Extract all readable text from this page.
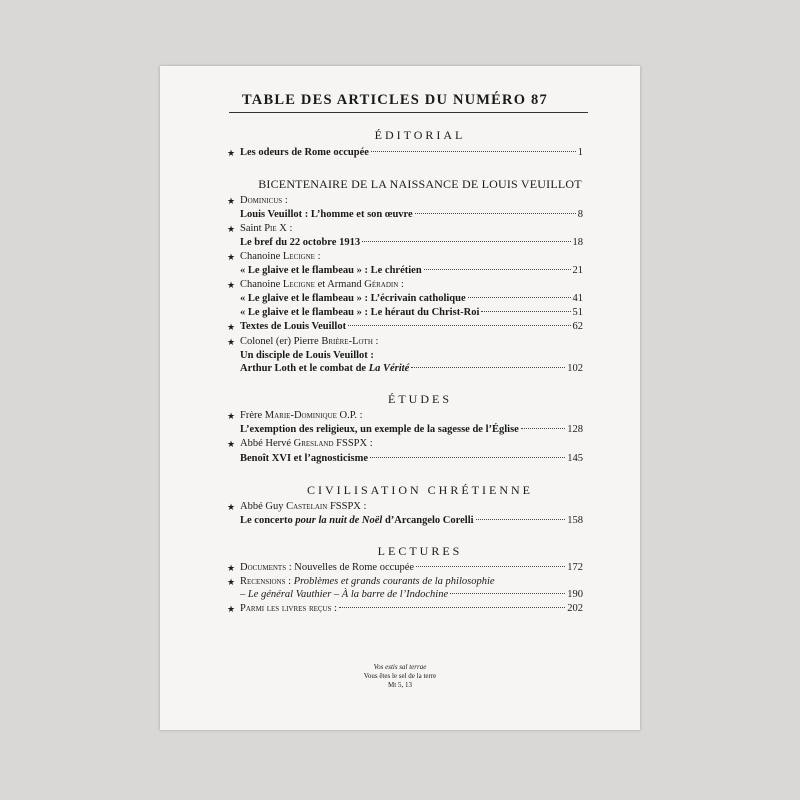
TABLE DES ARTICLES DU NUMÉRO 87
ÉDITORIAL
★ Les odeurs de Rome occupée	1
BICENTENAIRE DE LA NAISSANCE DE LOUIS VEUILLOT
★ Dominicus :
Louis Veuillot : L’homme et son œuvre	8
★ Saint Pie X :
Le bref du 22 octobre 1913	18
★ Chanoine Lecigne :
« Le glaive et le flambeau » : Le chrétien	21
★ Chanoine Lecigne et Armand Géradin :
« Le glaive et le flambeau » : L’écrivain catholique	41
« Le glaive et le flambeau » : Le héraut du Christ-Roi	51
★ Textes de Louis Veuillot	62
★ Colonel (er) Pierre Brière-Loth :
Un disciple de Louis Veuillot :
Arthur Loth et le combat de La Vérité	102
ÉTUDES
★ Frère Marie-Dominique O.P. :
L’exemption des religieux, un exemple de la sagesse de l’Église	128
★ Abbé Hervé Gresland FSSPX :
Benoît XVI et l’agnosticisme	145
CIVILISATION CHRÉTIENNE
★ Abbé Guy Castelain FSSPX :
Le concerto pour la nuit de Noël d’Arcangelo Corelli	158
LECTURES
★ Documents : Nouvelles de Rome occupée	172
★ Recensions : Problèmes et grands courants de la philosophie
– Le général Vauthier – À la barre de l’Indochine	190
★ Parmi les livres reçus :	202
Vos estis sal terrae
Vous êtes le sel de la terre
Mt 5, 13
